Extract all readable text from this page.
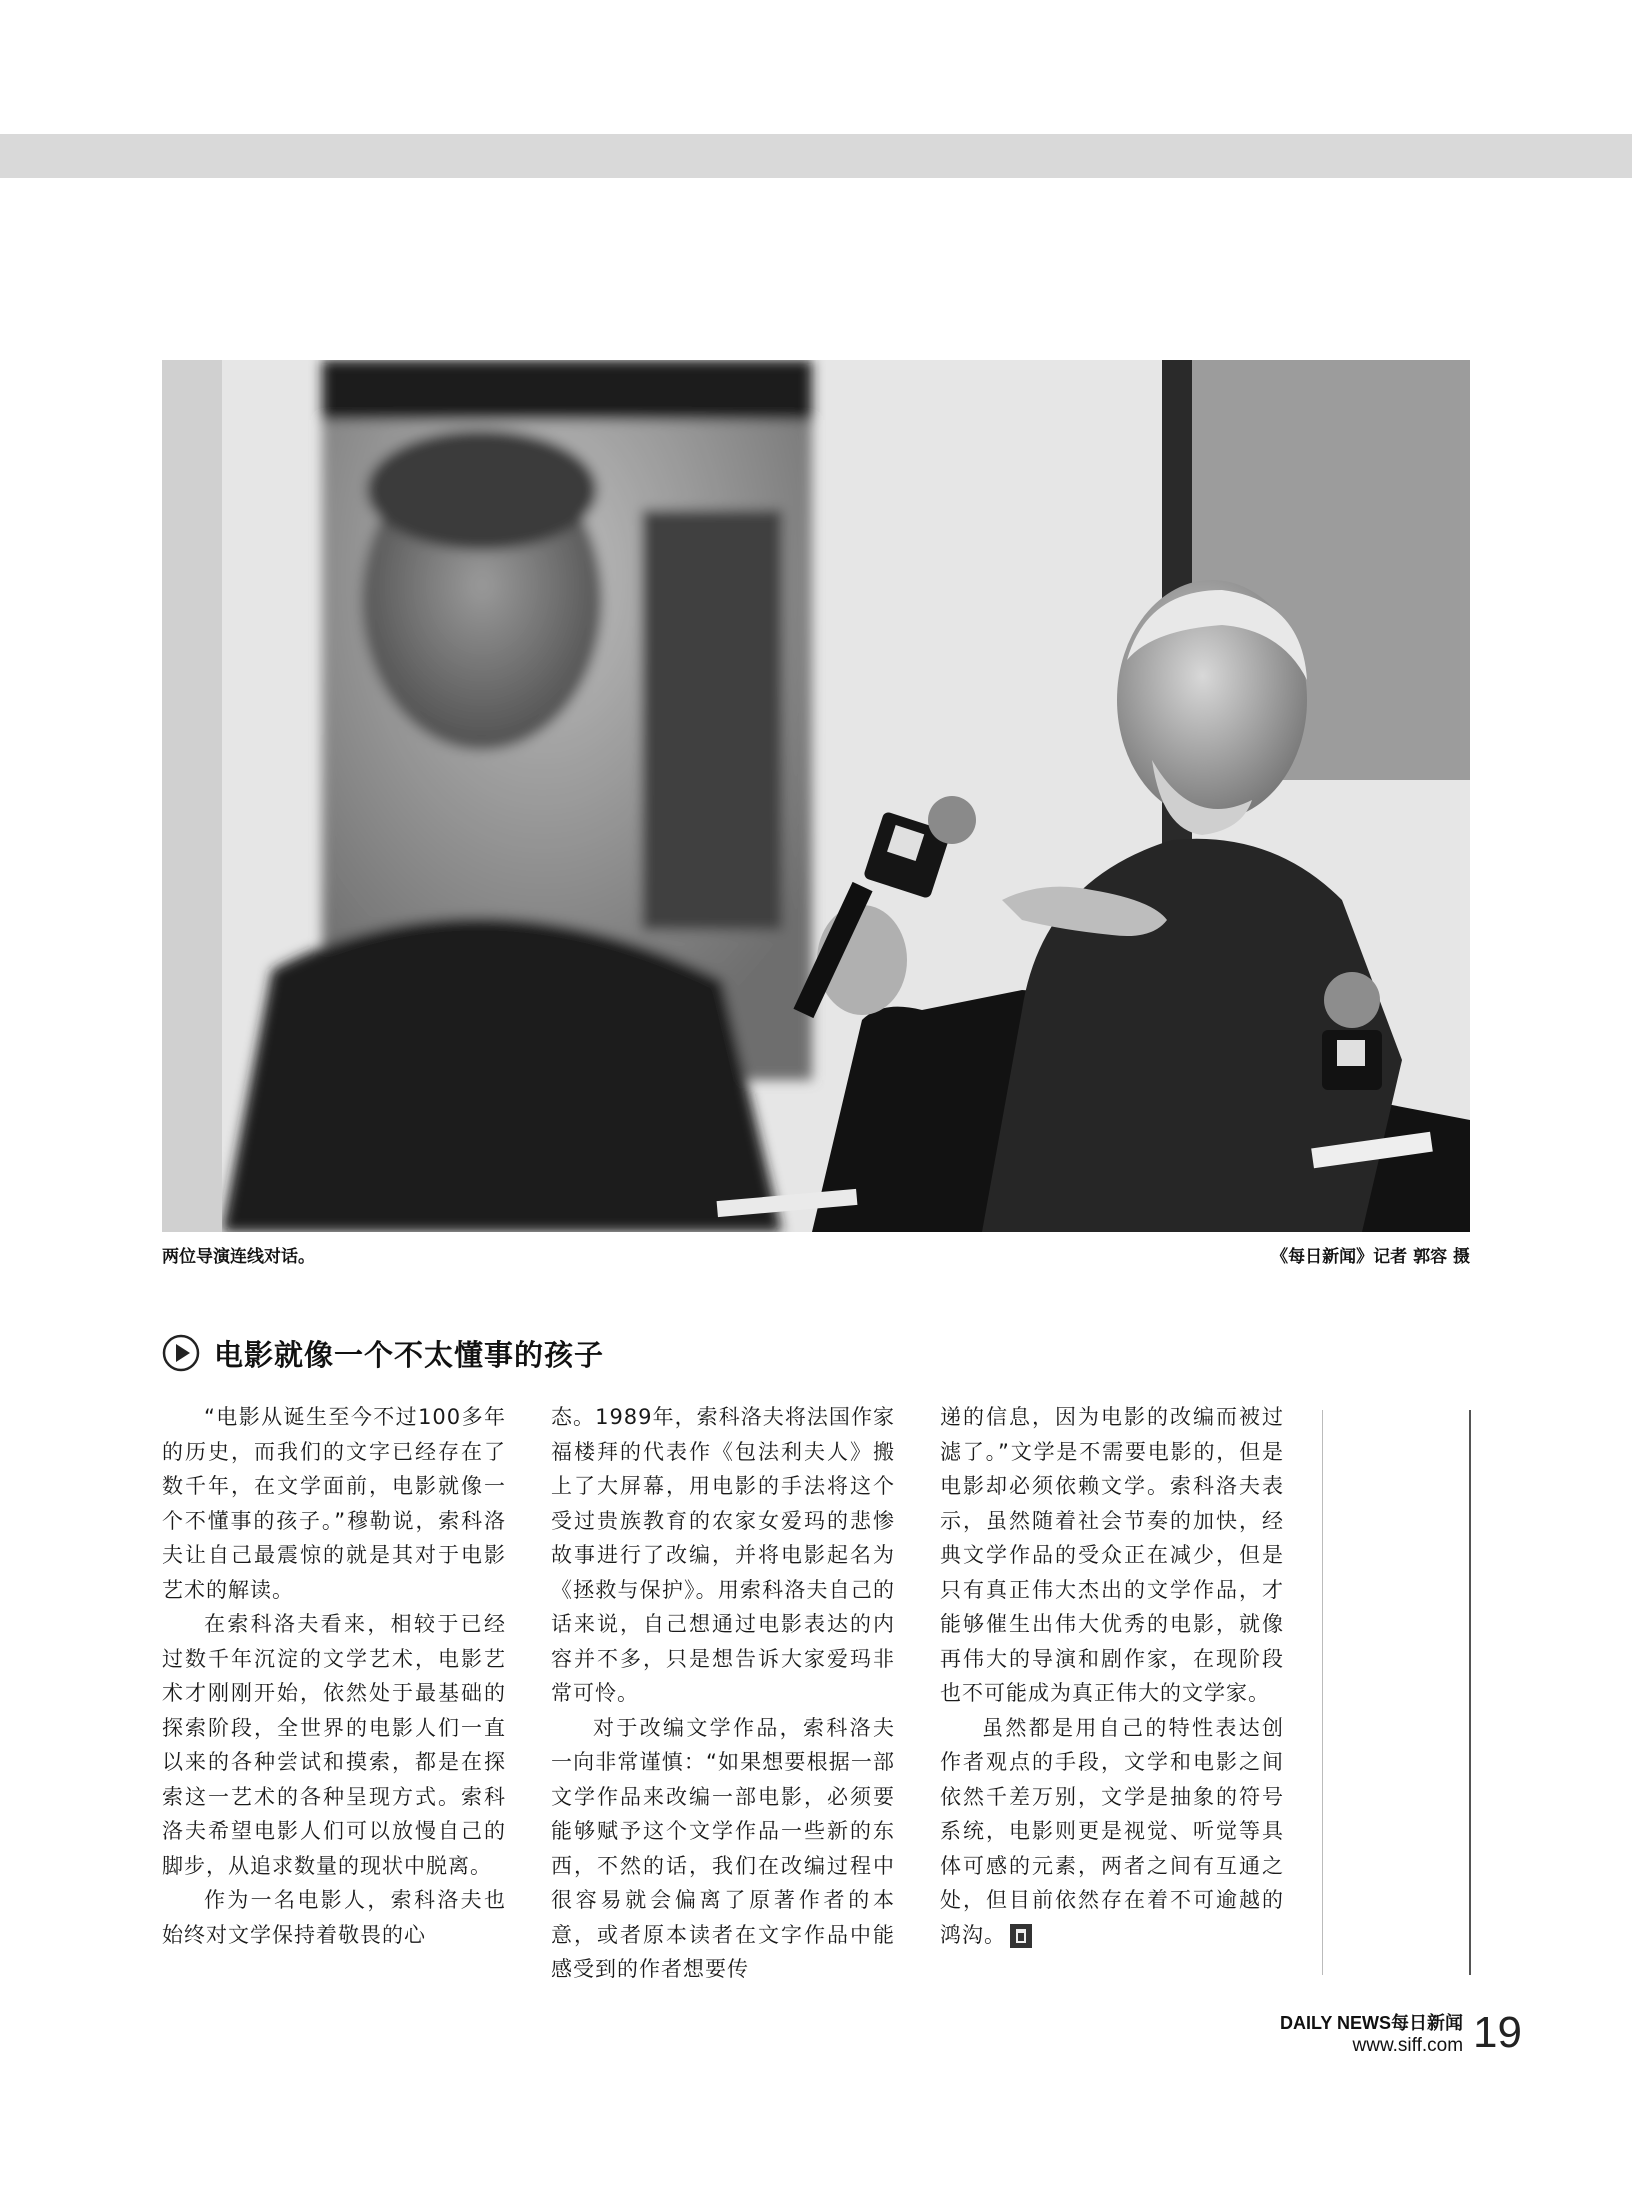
两位导演连线对话。	《每日新闻》记者 郭容 摄
电影就像一个不太懂事的孩子

“电影从诞生至今不过100多年的历史，而我们的文字已经存在了数千年，在文学面前，电影就像一个不懂事的孩子。”穆勒说，索科洛夫让自己最震惊的就是其对于电影艺术的解读。

在索科洛夫看来，相较于已经过数千年沉淀的文学艺术，电影艺术才刚刚开始，依然处于最基础的探索阶段，全世界的电影人们一直以来的各种尝试和摸索，都是在探索这一艺术的各种呈现方式。索科洛夫希望电影人们可以放慢自己的脚步，从追求数量的现状中脱离。

作为一名电影人，索科洛夫也始终对文学保持着敬畏的心

态。1989年，索科洛夫将法国作家福楼拜的代表作《包法利夫人》搬上了大屏幕，用电影的手法将这个受过贵族教育的农家女爱玛的悲惨故事进行了改编，并将电影起名为《拯救与保护》。用索科洛夫自己的话来说，自己想通过电影表达的内容并不多，只是想告诉大家爱玛非常可怜。

对于改编文学作品，索科洛夫一向非常谨慎：“如果想要根据一部文学作品来改编一部电影，必须要能够赋予这个文学作品一些新的东西，不然的话，我们在改编过程中很容易就会偏离了原著作者的本意，或者原本读者在文字作品中能感受到的作者想要传

递的信息，因为电影的改编而被过滤了。”文学是不需要电影的，但是电影却必须依赖文学。索科洛夫表示，虽然随着社会节奏的加快，经典文学作品的受众正在减少，但是只有真正伟大杰出的文学作品，才能够催生出伟大优秀的电影，就像再伟大的导演和剧作家，在现阶段也不可能成为真正伟大的文学家。

虽然都是用自己的特性表达创作者观点的手段，文学和电影之间依然千差万别，文学是抽象的符号系统，电影则更是视觉、听觉等具体可感的元素，两者之间有互通之处，但目前依然存在着不可逾越的鸿沟。

DAILY NEWS每日新闻
www.siff.com 19
